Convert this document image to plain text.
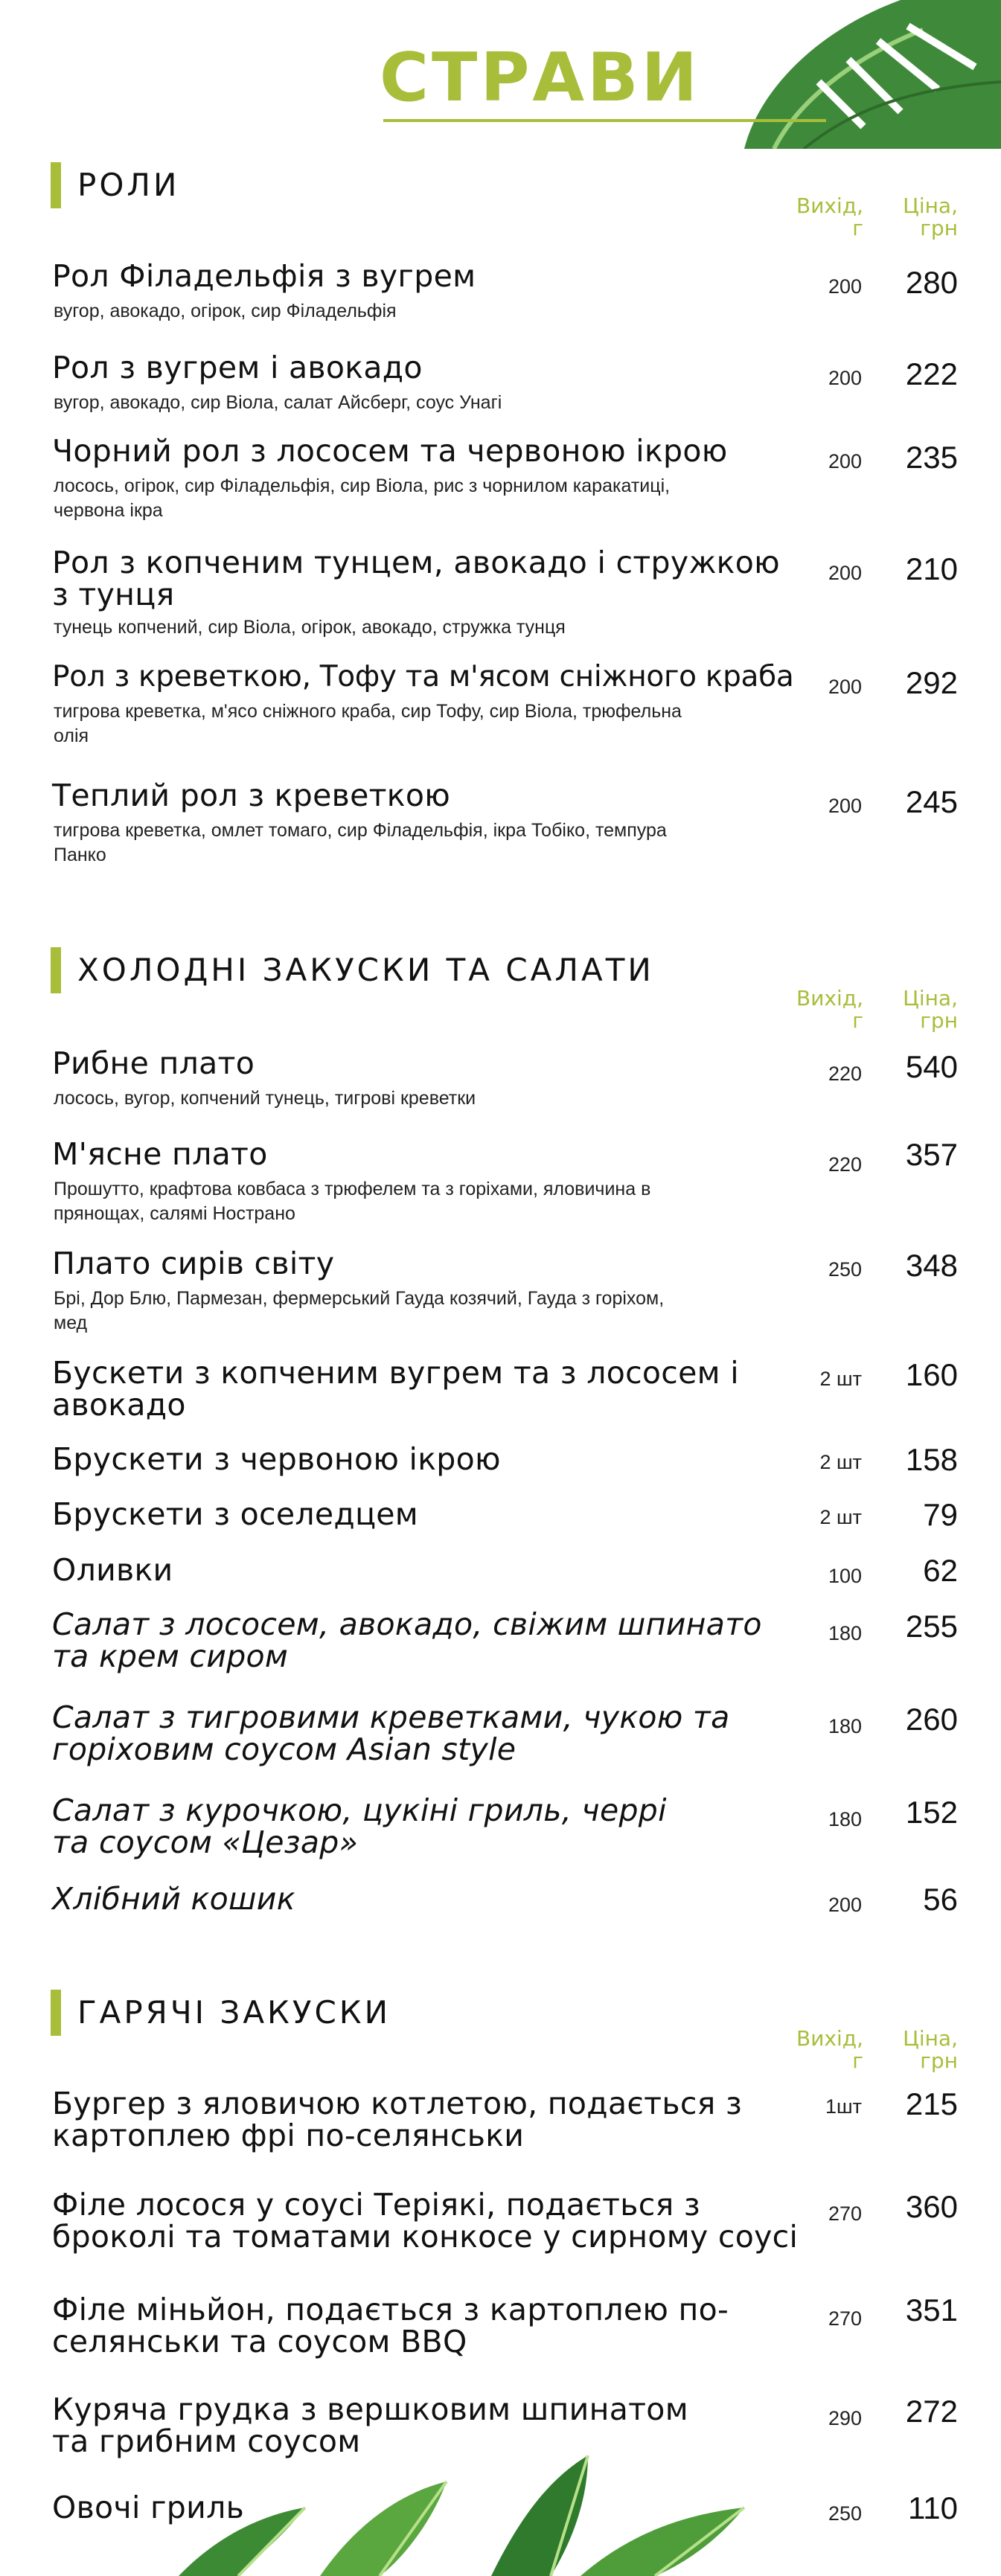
СТРАВИ
РОЛИ
Вихід,
г
Ціна,
грн
Рол Філадельфія з вугрем
вугор, авокадо, огірок, сир Філадельфія
200 280
Рол з вугрем і авокадо
вугор, авокадо, сир Віола, салат Айсберг, соус Унагі
200 222
Чорний рол з лососем та червоною ікрою
лосось, огірок, сир Філадельфія, сир Віола, рис з чорнилом каракатиці, червона ікра
200 235
Рол з копченим тунцем, авокадо і стружкою з тунця
тунець копчений, сир Віола, огірок, авокадо, стружка тунця
200 210
Рол з креветкою, Тофу та м'ясом сніжного краба
тигрова креветка, м'ясо сніжного краба, сир Тофу, сир Віола, трюфельна олія
200 292
Теплий рол з креветкою
тигрова креветка, омлет томаго, сир Філадельфія, ікра Тобіко, темпура Панко
200 245
ХОЛОДНІ ЗАКУСКИ ТА САЛАТИ
Вихід,
г
Ціна,
грн
Рибне плато
лосось, вугор, копчений тунець, тигрові креветки
220 540
М'ясне плато
Прошутто, крафтова ковбаса з трюфелем та з горіхами, яловичина в прянощах, салямі Нострано
220 357
Плато сирів світу
Брі, Дор Блю, Пармезан, фермерський Гауда козячий, Гауда з горіхом, мед
250 348
Бускети з копченим вугрем та з лососем і авокадо
2 шт 160
Брускети з червоною ікрою	2 шт 158
Брускети з оселедцем	2 шт 79
Оливки	100 62
Салат з лососем, авокадо, свіжим шпинато та крем сиром
180 255
Салат з тигровими креветками, чукою та горіховим соусом Asian style
180 260
Салат з курочкою, цукіні гриль, черрі та соусом «Цезар»
180 152
Хлібний кошик	200 56
ГАРЯЧІ ЗАКУСКИ
Вихід,
г
Ціна,
грн
Бургер з яловичою котлетою, подається з картоплею фрі по-селянськи
1шт 215
Філе лосося у соусі Теріякі, подається з броколі та томатами конкосе у сирному соусі
270 360
Філе міньйон, подається з картоплею по-селянськи та соусом BBQ
270 351
Куряча грудка з вершковим шпинатом та грибним соусом
290 272
Овочі гриль	250 110
